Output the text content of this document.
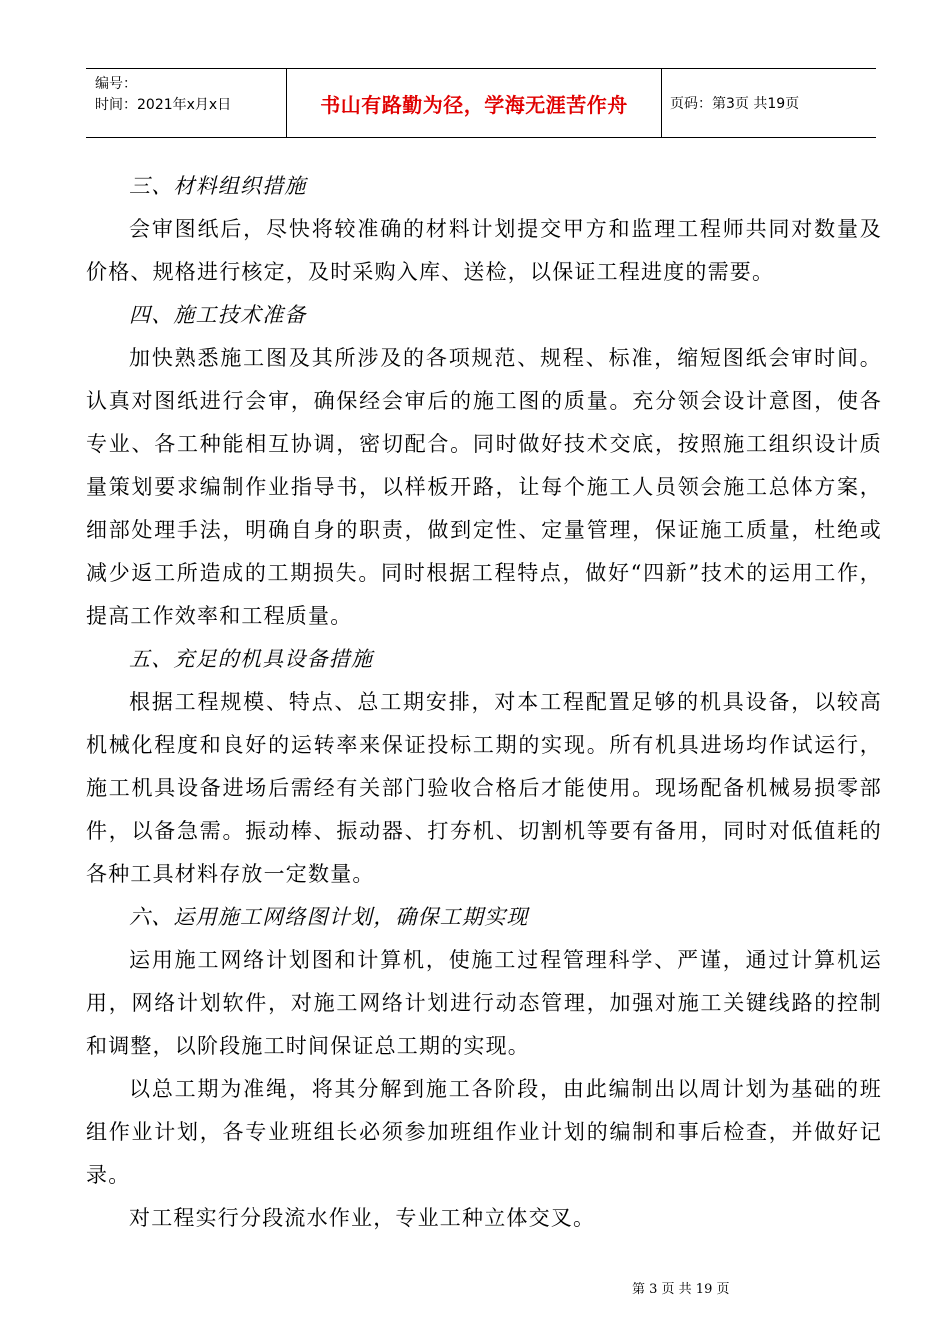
编号：
时间：2021年x月x日	书山有路勤为径，学海无涯苦作舟	页码：第3页 共19页

三、材料组织措施

会审图纸后，尽快将较准确的材料计划提交甲方和监理工程师共同对数量及价格、规格进行核定，及时采购入库、送检，以保证工程进度的需要。

四、施工技术准备

加快熟悉施工图及其所涉及的各项规范、规程、标准，缩短图纸会审时间。认真对图纸进行会审，确保经会审后的施工图的质量。充分领会设计意图，使各专业、各工种能相互协调，密切配合。同时做好技术交底，按照施工组织设计质量策划要求编制作业指导书，以样板开路，让每个施工人员领会施工总体方案，细部处理手法，明确自身的职责，做到定性、定量管理，保证施工质量，杜绝或减少返工所造成的工期损失。同时根据工程特点，做好“四新”技术的运用工作，提高工作效率和工程质量。

五、充足的机具设备措施

根据工程规模、特点、总工期安排，对本工程配置足够的机具设备，以较高机械化程度和良好的运转率来保证投标工期的实现。所有机具进场均作试运行，施工机具设备进场后需经有关部门验收合格后才能使用。现场配备机械易损零部件，以备急需。振动棒、振动器、打夯机、切割机等要有备用，同时对低值耗的各种工具材料存放一定数量。

六、运用施工网络图计划，确保工期实现

运用施工网络计划图和计算机，使施工过程管理科学、严谨，通过计算机运用，网络计划软件，对施工网络计划进行动态管理，加强对施工关键线路的控制和调整，以阶段施工时间保证总工期的实现。

以总工期为准绳，将其分解到施工各阶段，由此编制出以周计划为基础的班组作业计划，各专业班组长必须参加班组作业计划的编制和事后检查，并做好记录。

对工程实行分段流水作业，专业工种立体交叉。

第 3 页 共 19 页
